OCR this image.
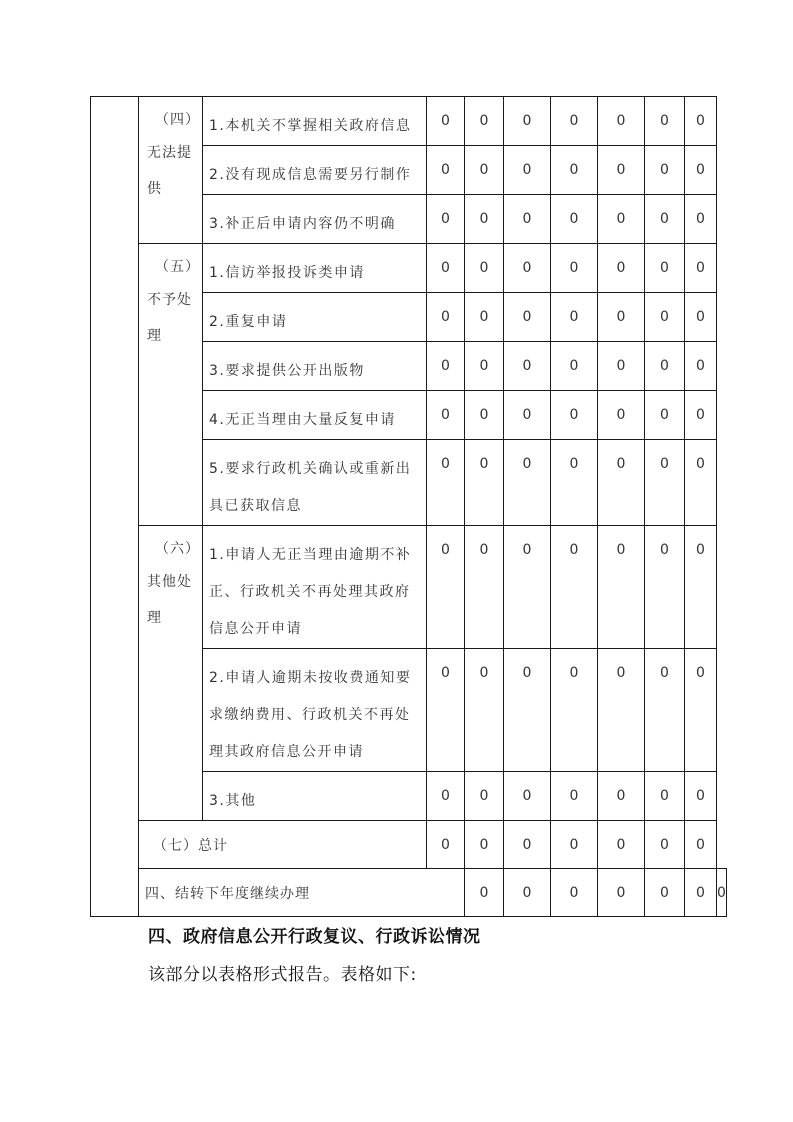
	（四）
无法提供	1.本机关不掌握相关政府信息	0	0	0	0	0	0	0	
		2.没有现成信息需要另行制作	0	0	0	0	0	0	0	
		3.补正后申请内容仍不明确	0	0	0	0	0	0	0	

	（五）
不予处理	1.信访举报投诉类申请	0	0	0	0	0	0	0	
		2.重复申请	0	0	0	0	0	0	0	
		3.要求提供公开出版物	0	0	0	0	0	0	0	
		4.无正当理由大量反复申请	0	0	0	0	0	0	0	
		5.要求行政机关确认或重新出具已获取信息	0	0	0	0	0	0	0	

	（六）
其他处理	1.申请人无正当理由逾期不补正、行政机关不再处理其政府信息公开申请	0	0	0	0	0	0	0	
		2.申请人逾期未按收费通知要求缴纳费用、行政机关不再处理其政府信息公开申请	0	0	0	0	0	0	0	
		3.其他	0	0	0	0	0	0	0	
	（七）总计		0	0	0	0	0	0	0	
	四、结转下年度继续办理			0	0	0	0	0	0	0
四、政府信息公开行政复议、行政诉讼情况
该部分以表格形式报告。表格如下:
